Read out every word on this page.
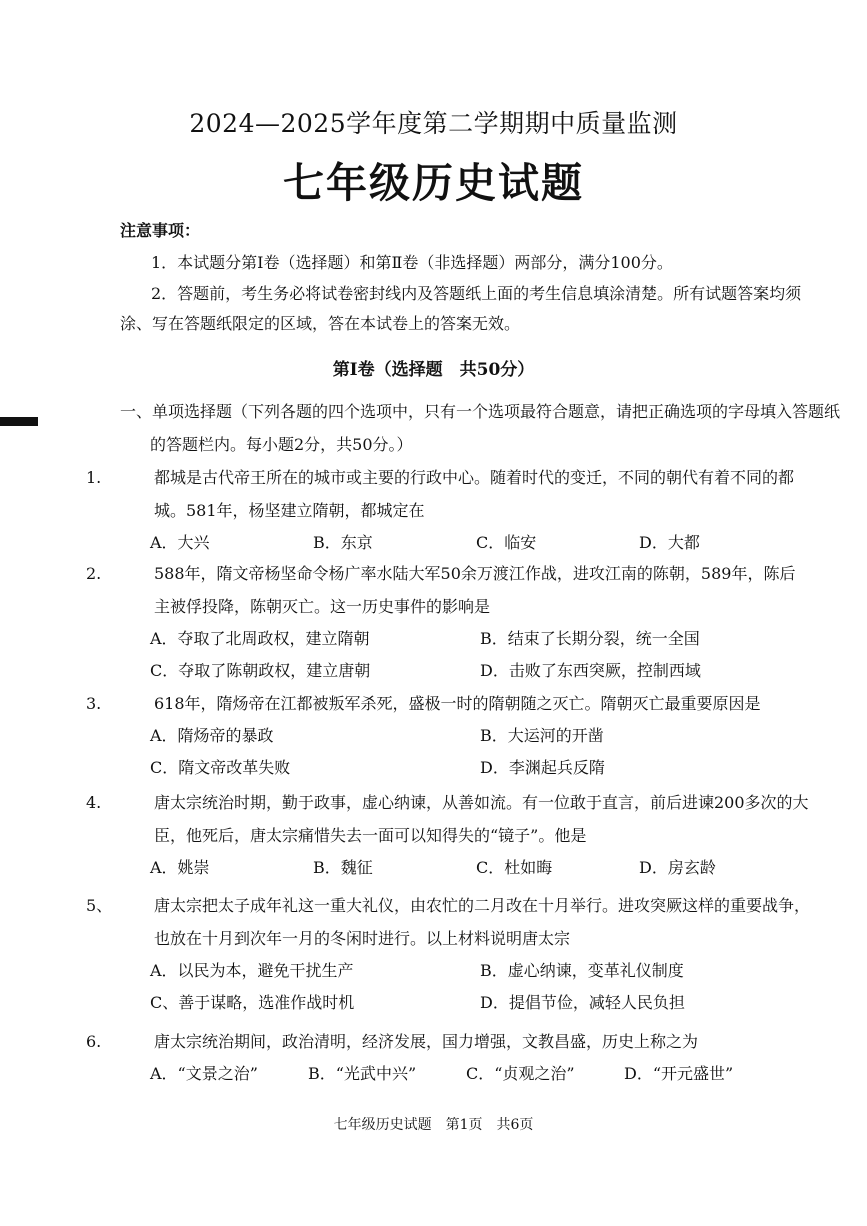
2024—2025学年度第二学期期中质量监测
七年级历史试题
注意事项：
1．本试题分第Ⅰ卷（选择题）和第Ⅱ卷（非选择题）两部分，满分100分。
2．答题前，考生务必将试卷密封线内及答题纸上面的考生信息填涂清楚。所有试题答案均须涂、写在答题纸限定的区域，答在本试卷上的答案无效。
第Ⅰ卷（选择题　共50分）
一、单项选择题（下列各题的四个选项中，只有一个选项最符合题意，请把正确选项的字母填入答题纸的答题栏内。每小题2分，共50分。）
1.	都城是古代帝王所在的城市或主要的行政中心。随着时代的变迁，不同的朝代有着不同的都城。581年，杨坚建立隋朝，都城定在
A．大兴	B．东京	C．临安	D．大都
2.	588年，隋文帝杨坚命令杨广率水陆大军50余万渡江作战，进攻江南的陈朝，589年，陈后主被俘投降，陈朝灭亡。这一历史事件的影响是
A．夺取了北周政权，建立隋朝	B．结束了长期分裂，统一全国
C．夺取了陈朝政权，建立唐朝	D．击败了东西突厥，控制西域
3.	618年，隋炀帝在江都被叛军杀死，盛极一时的隋朝随之灭亡。隋朝灭亡最重要原因是
A．隋炀帝的暴政	B．大运河的开凿
C．隋文帝改革失败	D．李渊起兵反隋
4.	唐太宗统治时期，勤于政事，虚心纳谏，从善如流。有一位敢于直言，前后进谏200多次的大臣，他死后，唐太宗痛惜失去一面可以知得失的“镜子”。他是
A．姚崇	B．魏征	C．杜如晦	D．房玄龄
5、	唐太宗把太子成年礼这一重大礼仪，由农忙的二月改在十月举行。进攻突厥这样的重要战争，也放在十月到次年一月的冬闲时进行。以上材料说明唐太宗
A．以民为本，避免干扰生产	B．虚心纳谏，变革礼仪制度
C、善于谋略，选准作战时机	D．提倡节俭，减轻人民负担
6.	唐太宗统治期间，政治清明，经济发展，国力增强，文教昌盛，历史上称之为
A．“文景之治”	B．“光武中兴”	C．“贞观之治”	D．“开元盛世”
七年级历史试题　第1页　共6页
